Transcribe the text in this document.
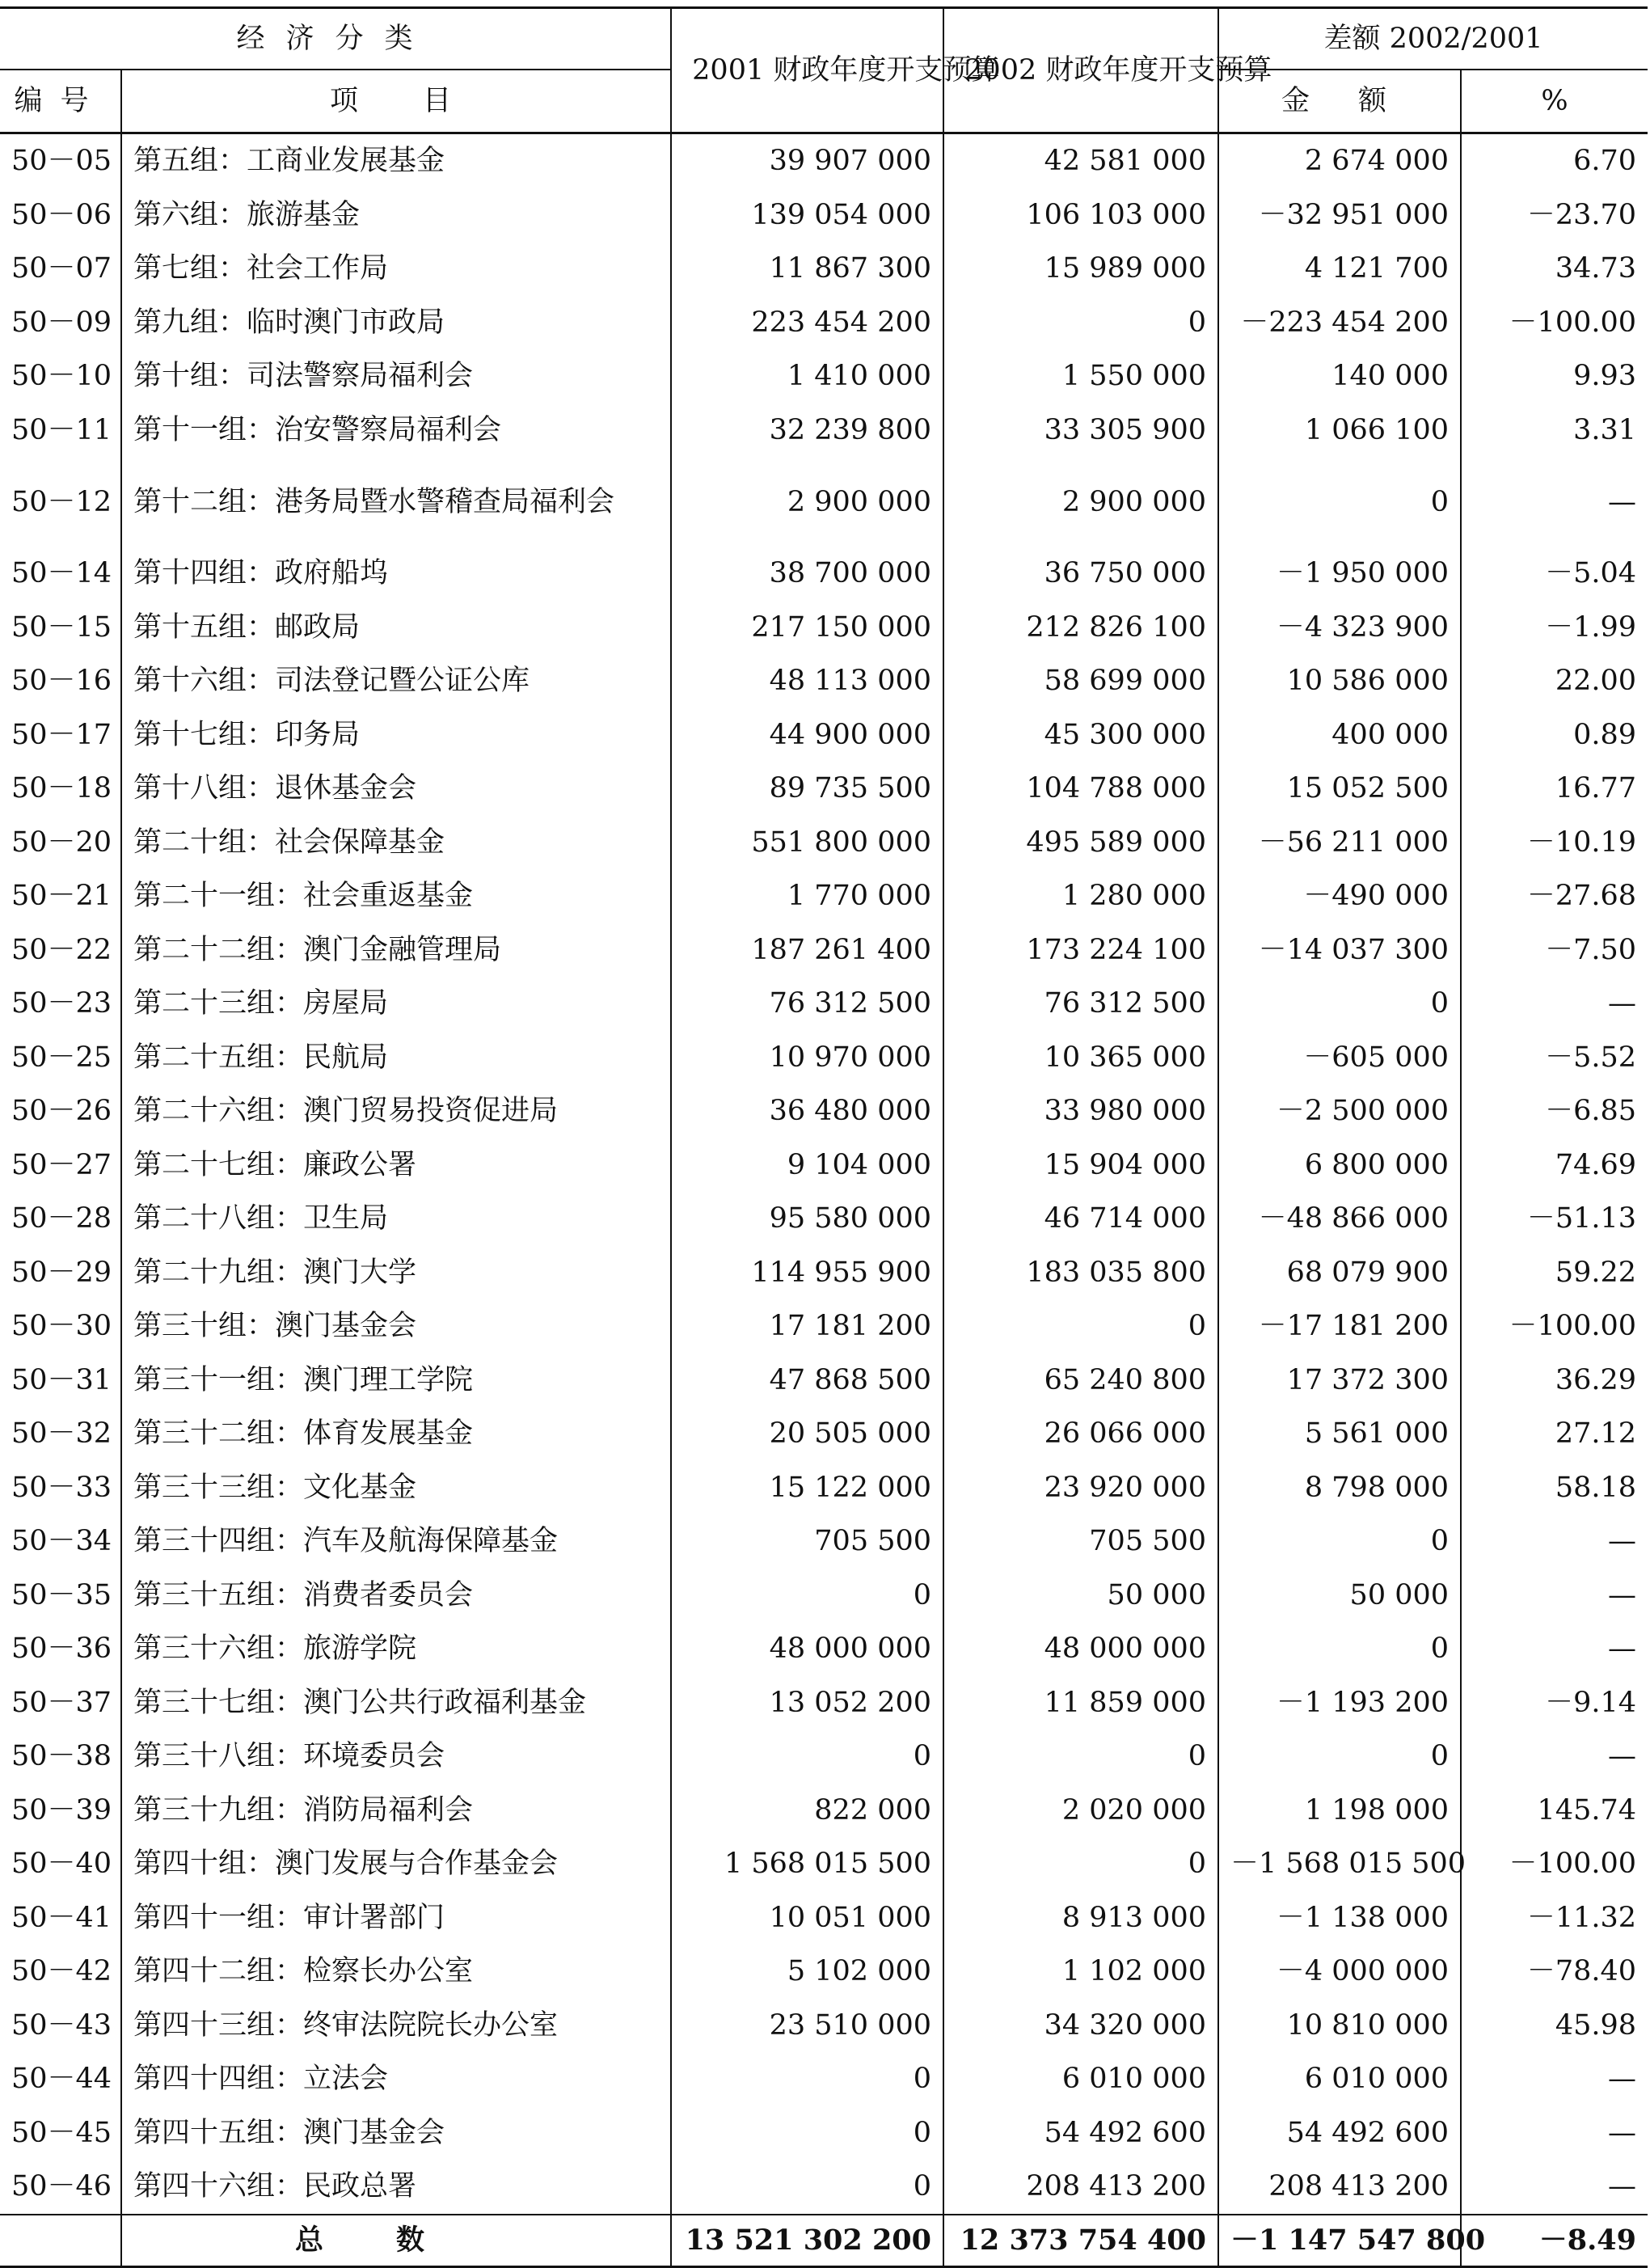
经济分类		2001 财政年度开支预算	2002 财政年度开支预算	差额 2002/2001	
编号	项目			金额	%
50－05	第五组：工商业发展基金	39 907 000	42 581 000	2 674 000	6.70
50－06	第六组：旅游基金	139 054 000	106 103 000	－32 951 000	－23.70
50－07	第七组：社会工作局	11 867 300	15 989 000	4 121 700	34.73
50－09	第九组：临时澳门市政局	223 454 200	0	－223 454 200	－100.00
50－10	第十组：司法警察局福利会	1 410 000	1 550 000	140 000	9.93
50－11	第十一组：治安警察局福利会	32 239 800	33 305 900	1 066 100	3.31
50－12	第十二组：港务局暨水警稽查局福利会	2 900 000	2 900 000	0	—
50－14	第十四组：政府船坞	38 700 000	36 750 000	－1 950 000	－5.04
50－15	第十五组：邮政局	217 150 000	212 826 100	－4 323 900	－1.99
50－16	第十六组：司法登记暨公证公库	48 113 000	58 699 000	10 586 000	22.00
50－17	第十七组：印务局	44 900 000	45 300 000	400 000	0.89
50－18	第十八组：退休基金会	89 735 500	104 788 000	15 052 500	16.77
50－20	第二十组：社会保障基金	551 800 000	495 589 000	－56 211 000	－10.19
50－21	第二十一组：社会重返基金	1 770 000	1 280 000	－490 000	－27.68
50－22	第二十二组：澳门金融管理局	187 261 400	173 224 100	－14 037 300	－7.50
50－23	第二十三组：房屋局	76 312 500	76 312 500	0	—
50－25	第二十五组：民航局	10 970 000	10 365 000	－605 000	－5.52
50－26	第二十六组：澳门贸易投资促进局	36 480 000	33 980 000	－2 500 000	－6.85
50－27	第二十七组：廉政公署	9 104 000	15 904 000	6 800 000	74.69
50－28	第二十八组：卫生局	95 580 000	46 714 000	－48 866 000	－51.13
50－29	第二十九组：澳门大学	114 955 900	183 035 800	68 079 900	59.22
50－30	第三十组：澳门基金会	17 181 200	0	－17 181 200	－100.00
50－31	第三十一组：澳门理工学院	47 868 500	65 240 800	17 372 300	36.29
50－32	第三十二组：体育发展基金	20 505 000	26 066 000	5 561 000	27.12
50－33	第三十三组：文化基金	15 122 000	23 920 000	8 798 000	58.18
50－34	第三十四组：汽车及航海保障基金	705 500	705 500	0	—
50－35	第三十五组：消费者委员会	0	50 000	50 000	—
50－36	第三十六组：旅游学院	48 000 000	48 000 000	0	—
50－37	第三十七组：澳门公共行政福利基金	13 052 200	11 859 000	－1 193 200	－9.14
50－38	第三十八组：环境委员会	0	0	0	—
50－39	第三十九组：消防局福利会	822 000	2 020 000	1 198 000	145.74
50－40	第四十组：澳门发展与合作基金会	1 568 015 500	0	－1 568 015 500	－100.00
50－41	第四十一组：审计署部门	10 051 000	8 913 000	－1 138 000	－11.32
50－42	第四十二组：检察长办公室	5 102 000	1 102 000	－4 000 000	－78.40
50－43	第四十三组：终审法院院长办公室	23 510 000	34 320 000	10 810 000	45.98
50－44	第四十四组：立法会	0	6 010 000	6 010 000	—
50－45	第四十五组：澳门基金会	0	54 492 600	54 492 600	—
50－46	第四十六组：民政总署	0	208 413 200	208 413 200	—
	总数	13 521 302 200	12 373 754 400	－1 147 547 800	－8.49
